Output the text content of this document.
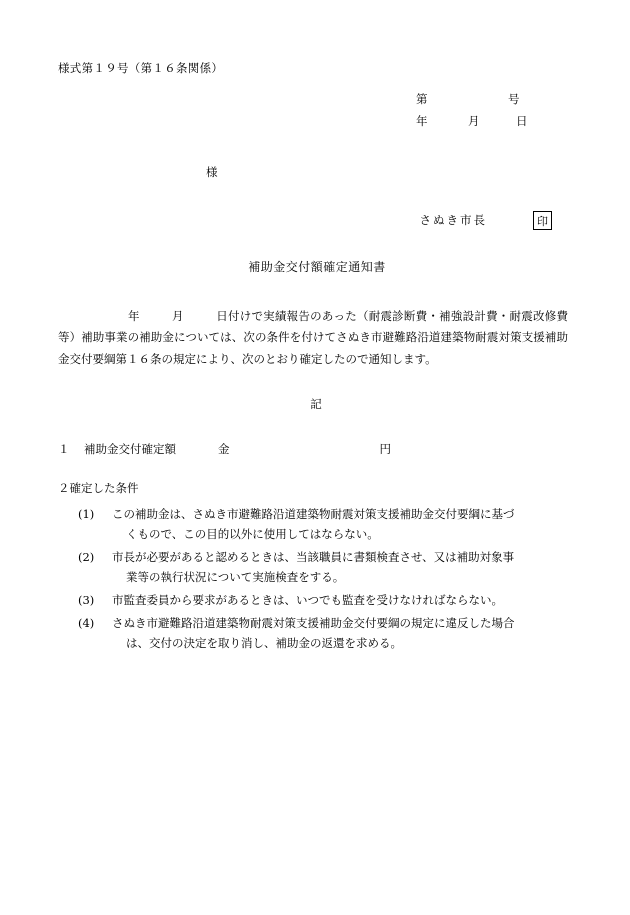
様式第１９号（第１６条関係）
第	号
年	月	日
様
さぬき市長	印
補助金交付額確定通知書
年	月	日付けで実績報告のあった（耐震診断費・補強設計費・耐震改修費等）補助事業の補助金については、次の条件を付けてさぬき市避難路沿道建築物耐震対策支援補助金交付要綱第１６条の規定により、次のとおり確定したので通知します。
記
１ 補助金交付確定額	金	円
２確定した条件
(1)	この補助金は、さぬき市避難路沿道建築物耐震対策支援補助金交付要綱に基づ
くもので、この目的以外に使用してはならない。
(2)	市長が必要があると認めるときは、当該職員に書類検査させ、又は補助対象事
業等の執行状況について実施検査をする。
(3)	市監査委員から要求があるときは、いつでも監査を受けなければならない。
(4)	さぬき市避難路沿道建築物耐震対策支援補助金交付要綱の規定に違反した場合
は、交付の決定を取り消し、補助金の返還を求める。
